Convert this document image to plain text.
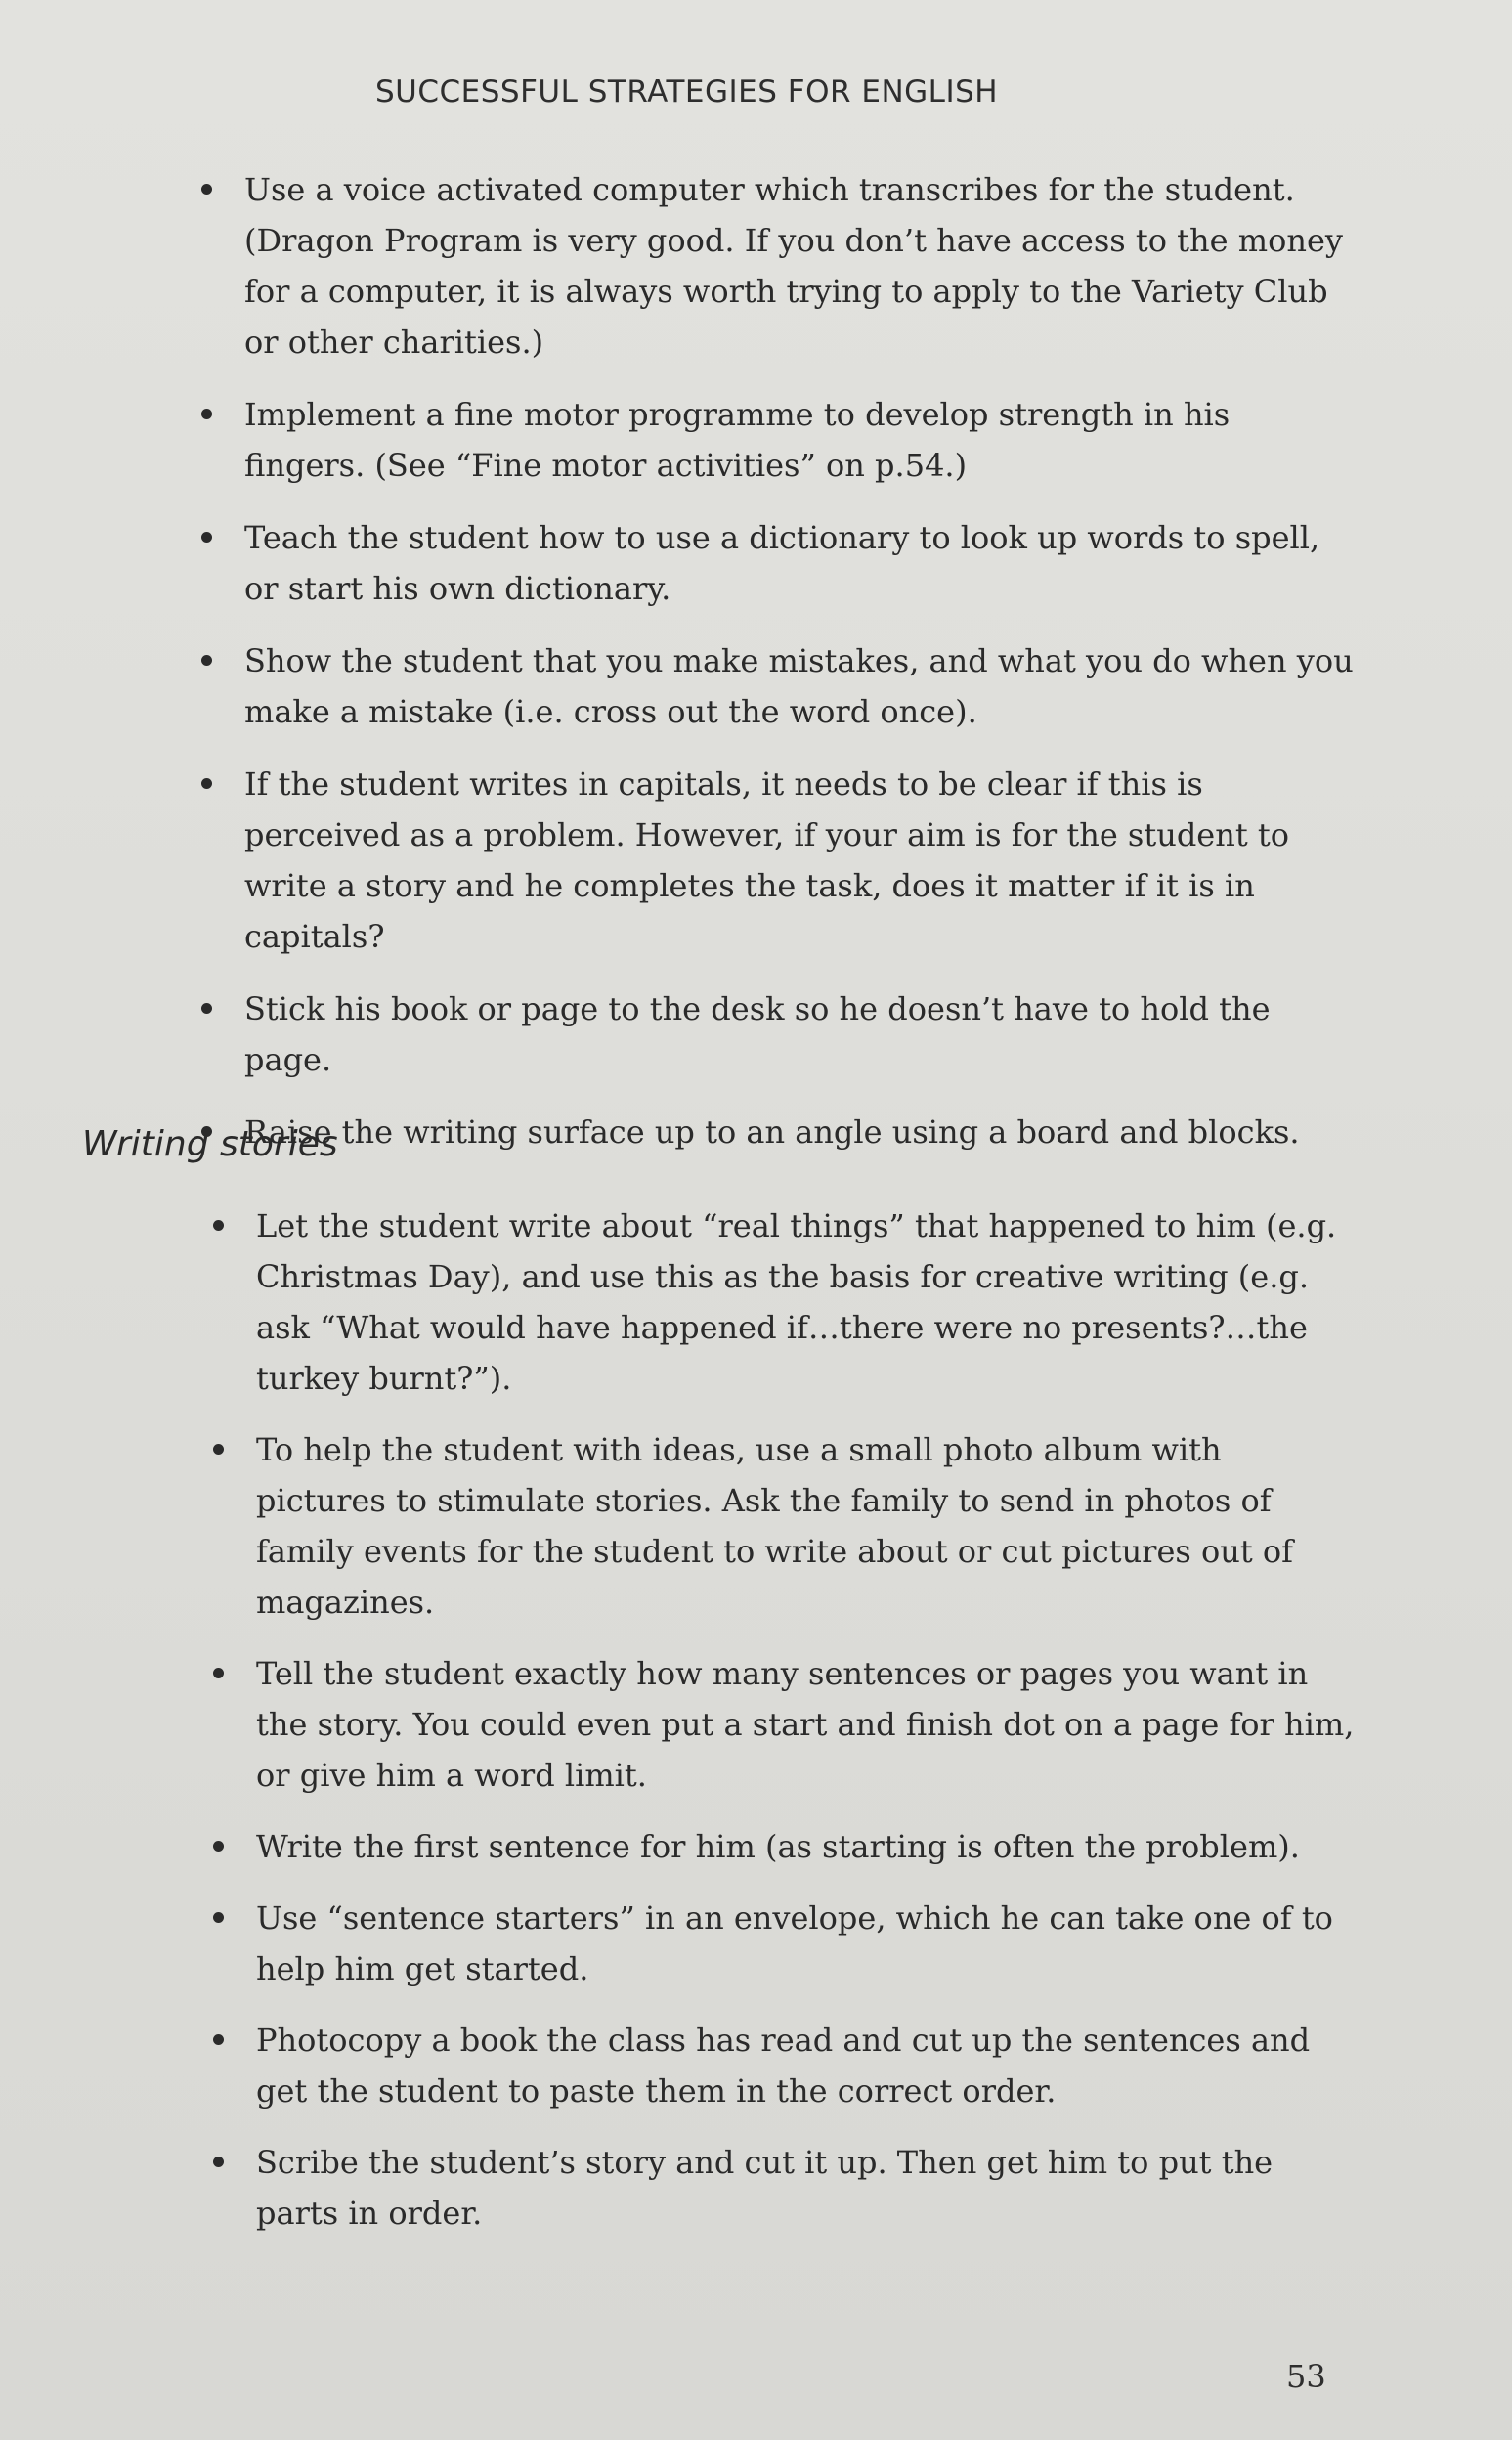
SUCCESSFUL STRATEGIES FOR ENGLISH
Use a voice activated computer which transcribes for the student. (Dragon Program is very good. If you don’t have access to the money for a computer, it is always worth trying to apply to the Variety Club or other charities.)
Implement a fine motor programme to develop strength in his fingers. (See “Fine motor activities” on p.54.)
Teach the student how to use a dictionary to look up words to spell, or start his own dictionary.
Show the student that you make mistakes, and what you do when you make a mistake (i.e. cross out the word once).
If the student writes in capitals, it needs to be clear if this is perceived as a problem. However, if your aim is for the student to write a story and he completes the task, does it matter if it is in capitals?
Stick his book or page to the desk so he doesn’t have to hold the page.
Raise the writing surface up to an angle using a board and blocks.
Writing stories
Let the student write about “real things” that happened to him (e.g. Christmas Day), and use this as the basis for creative writing (e.g. ask “What would have happened if…there were no presents?…the turkey burnt?”).
To help the student with ideas, use a small photo album with pictures to stimulate stories. Ask the family to send in photos of family events for the student to write about or cut pictures out of magazines.
Tell the student exactly how many sentences or pages you want in the story. You could even put a start and finish dot on a page for him, or give him a word limit.
Write the first sentence for him (as starting is often the problem).
Use “sentence starters” in an envelope, which he can take one of to help him get started.
Photocopy a book the class has read and cut up the sentences and get the student to paste them in the correct order.
Scribe the student’s story and cut it up. Then get him to put the parts in order.
53
